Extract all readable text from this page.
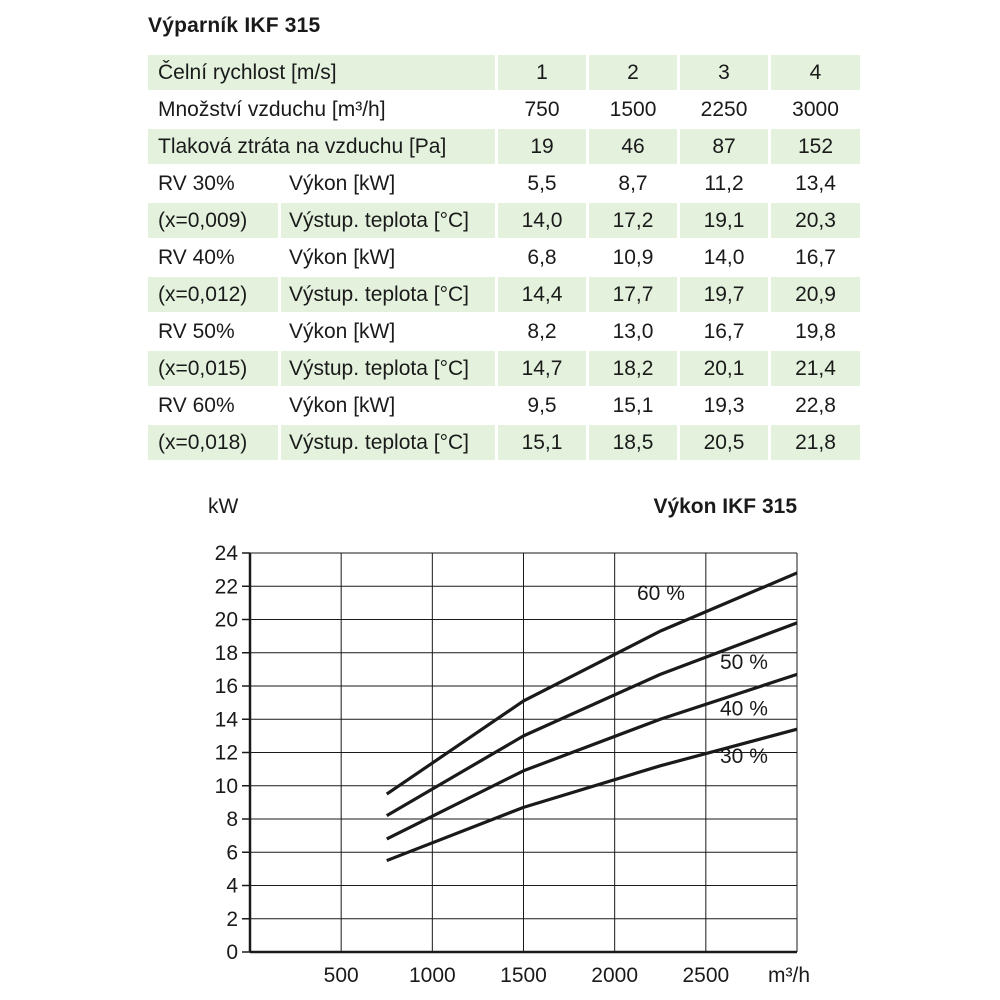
Výparník IKF 315
Čelní rychlost [m/s]		1	2	3	4
Množství vzduchu [m³/h]		750	1500	2250	3000
Tlaková ztráta na vzduchu [Pa]		19	46	87	152
RV 30%	Výkon [kW]	5,5	8,7	11,2	13,4
(x=0,009)	Výstup. teplota [°C]	14,0	17,2	19,1	20,3
RV 40%	Výkon [kW]	6,8	10,9	14,0	16,7
(x=0,012)	Výstup. teplota [°C]	14,4	17,7	19,7	20,9
RV 50%	Výkon [kW]	8,2	13,0	16,7	19,8
(x=0,015)	Výstup. teplota [°C]	14,7	18,2	20,1	21,4
RV 60%	Výkon [kW]	9,5	15,1	19,3	22,8
(x=0,018)	Výstup. teplota [°C]	15,1	18,5	20,5	21,8
0
2
4
6
8
10
12
14
16
18
20
22
24
500 1000 1500 2000 2500
kW
m³/h
Výkon IKF 315
60 %
50 %
40 %
30 %
